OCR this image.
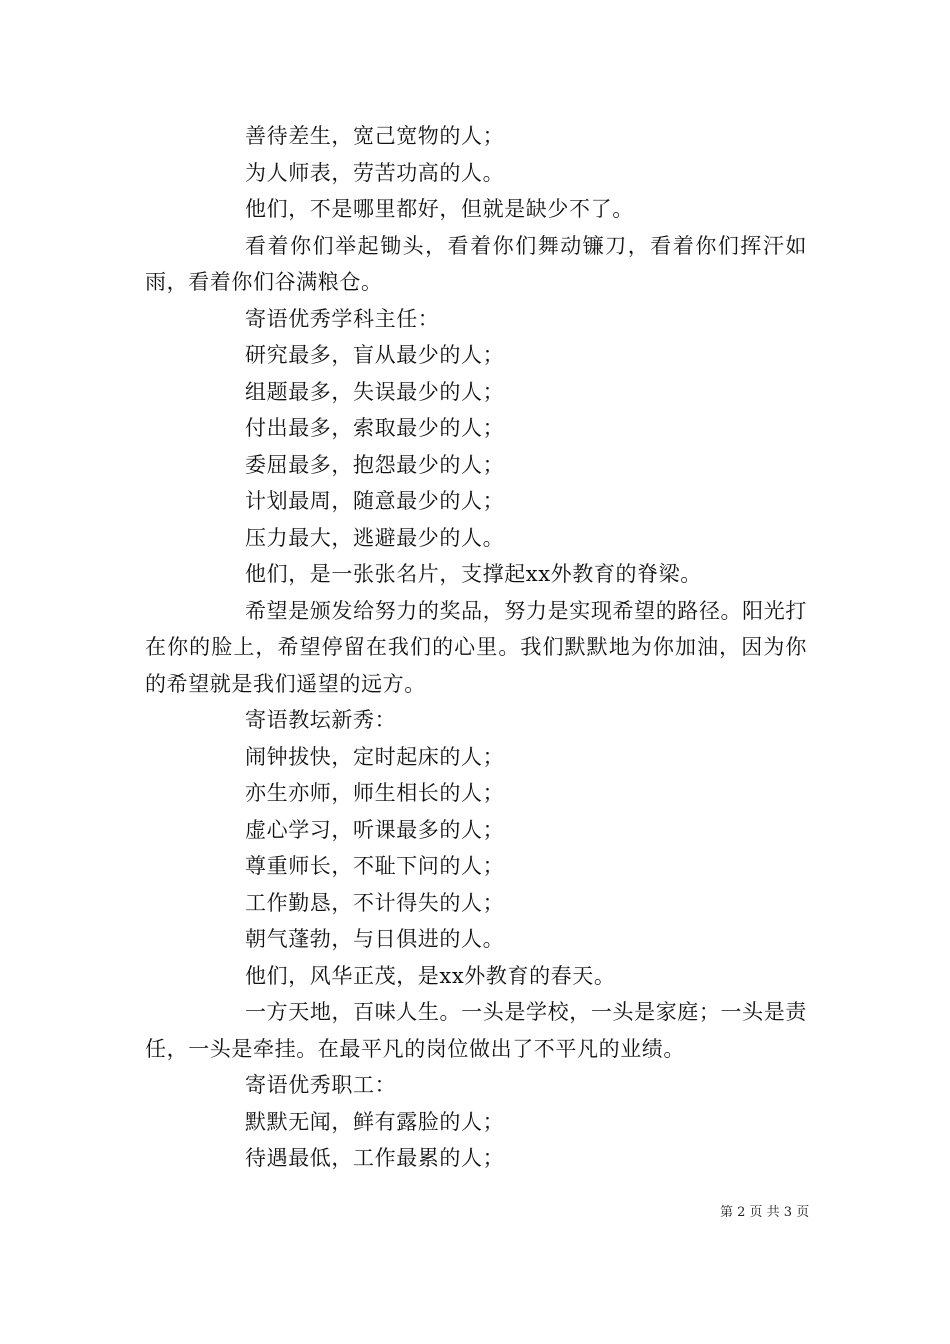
善待差生，宽己宽物的人；

为人师表，劳苦功高的人。

他们，不是哪里都好，但就是缺少不了。

看着你们举起锄头，看着你们舞动镰刀，看着你们挥汗如雨，看着你们谷满粮仓。

寄语优秀学科主任：

研究最多，盲从最少的人；

组题最多，失误最少的人；

付出最多，索取最少的人；

委屈最多，抱怨最少的人；

计划最周，随意最少的人；

压力最大，逃避最少的人。

他们，是一张张名片，支撑起xx外教育的脊梁。

希望是颁发给努力的奖品，努力是实现希望的路径。阳光打在你的脸上，希望停留在我们的心里。我们默默地为你加油，因为你的希望就是我们遥望的远方。

寄语教坛新秀：

闹钟拔快，定时起床的人；

亦生亦师，师生相长的人；

虚心学习，听课最多的人；

尊重师长，不耻下问的人；

工作勤恳，不计得失的人；

朝气蓬勃，与日俱进的人。

他们，风华正茂，是xx外教育的春天。

一方天地，百味人生。一头是学校，一头是家庭；一头是责任，一头是牵挂。在最平凡的岗位做出了不平凡的业绩。

寄语优秀职工：

默默无闻，鲜有露脸的人；

待遇最低，工作最累的人；

第 2 页 共 3 页
